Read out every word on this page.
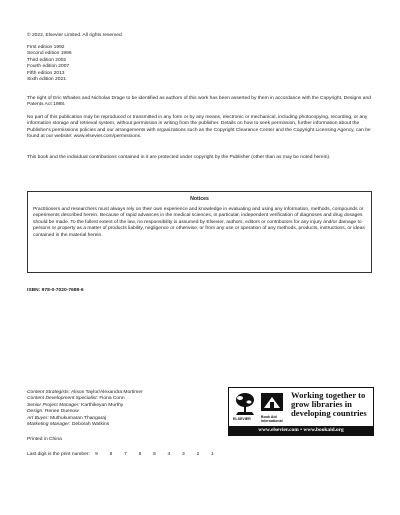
© 2022, Elsevier Limited. All rights reserved.
First edition 1992
Second edition 1996
Third edition 2002
Fourth edition 2007
Fifth edition 2013
Sixth edition 2021
The right of Eric Whaites and Nicholas Drage to be identified as authors of this work has been asserted by them in accordance with the Copyright, Designs and Patents Act 1988.
No part of this publication may be reproduced or transmitted in any form or by any means, electronic or mechanical, including photocopying, recording, or any information storage and retrieval system, without permission in writing from the publisher. Details on how to seek permission, further information about the Publisher's permissions policies and our arrangements with organizations such as the Copyright Clearance Center and the Copyright Licensing Agency, can be found at our website: www.elsevier.com/permissions.
This book and the individual contributions contained in it are protected under copyright by the Publisher (other than as may be noted herein).
Notices
Practitioners and researchers must always rely on their own experience and knowledge in evaluating and using any information, methods, compounds or experiments described herein. Because of rapid advances in the medical sciences, in particular, independent verification of diagnoses and drug dosages should be made. To the fullest extent of the law, no responsibility is assumed by Elsevier, authors, editors or contributors for any injury and/or damage to persons or property as a matter of products liability, negligence or otherwise, or from any use or operation of any methods, products, instructions, or ideas contained in the material herein.
ISBN: 978-0-7020-7688-6
Content Strategists: Alison Taylor/Alexandra Mortimer
Content Development Specialist: Fiona Conn
Senior Project Manager: Karthikeyan Murthy
Design: Renee Duenow
Art Buyer: Muthukumaran Thangaraj
Marketing Manager: Deborah Watkins
Printed in China
Last digit is the print number: 9 8 7 6 5 4 3 2 1
ELSEVIER	Book Aid International
Working together to grow libraries in developing countries
www.elsevier.com • www.bookaid.org
